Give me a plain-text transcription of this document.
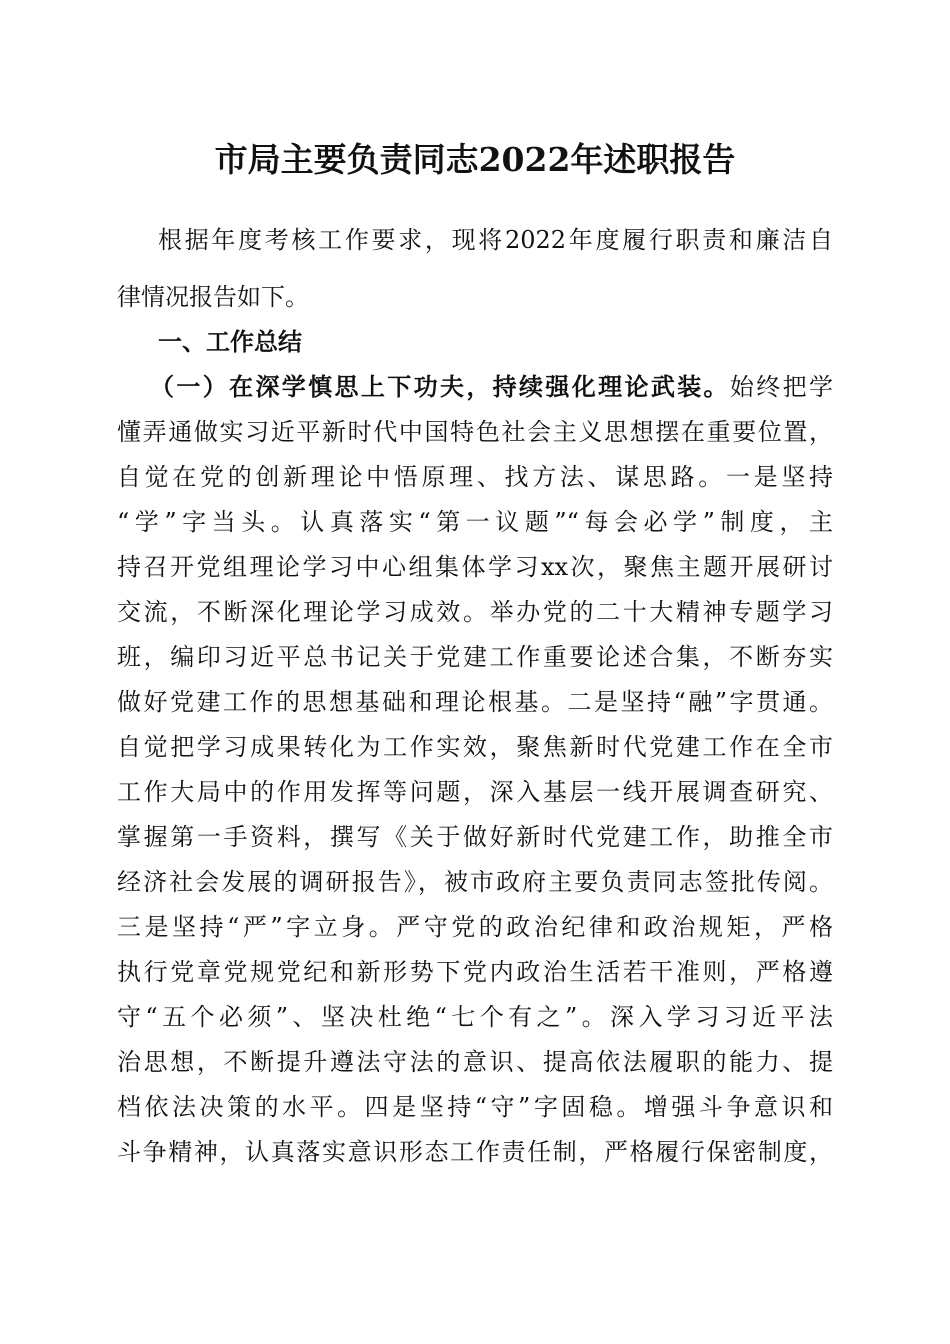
市局主要负责同志2022年述职报告

根据年度考核工作要求，现将2022年度履行职责和廉洁自

律情况报告如下。

一、工作总结

（一）在深学慎思上下功夫，持续强化理论武装。始终把学

懂弄通做实习近平新时代中国特色社会主义思想摆在重要位置，

自觉在党的创新理论中悟原理、找方法、谋思路。一是坚持

“学”字当头。认真落实“第一议题”“每会必学”制度，主

持召开党组理论学习中心组集体学习xx次，聚焦主题开展研讨

交流，不断深化理论学习成效。举办党的二十大精神专题学习

班，编印习近平总书记关于党建工作重要论述合集，不断夯实

做好党建工作的思想基础和理论根基。二是坚持“融”字贯通。

自觉把学习成果转化为工作实效，聚焦新时代党建工作在全市

工作大局中的作用发挥等问题，深入基层一线开展调查研究、

掌握第一手资料，撰写《关于做好新时代党建工作，助推全市

经济社会发展的调研报告》，被市政府主要负责同志签批传阅。

三是坚持“严”字立身。严守党的政治纪律和政治规矩，严格

执行党章党规党纪和新形势下党内政治生活若干准则，严格遵

守“五个必须”、坚决杜绝“七个有之”。深入学习习近平法

治思想，不断提升遵法守法的意识、提高依法履职的能力、提

档依法决策的水平。四是坚持“守”字固稳。增强斗争意识和

斗争精神，认真落实意识形态工作责任制，严格履行保密制度，
